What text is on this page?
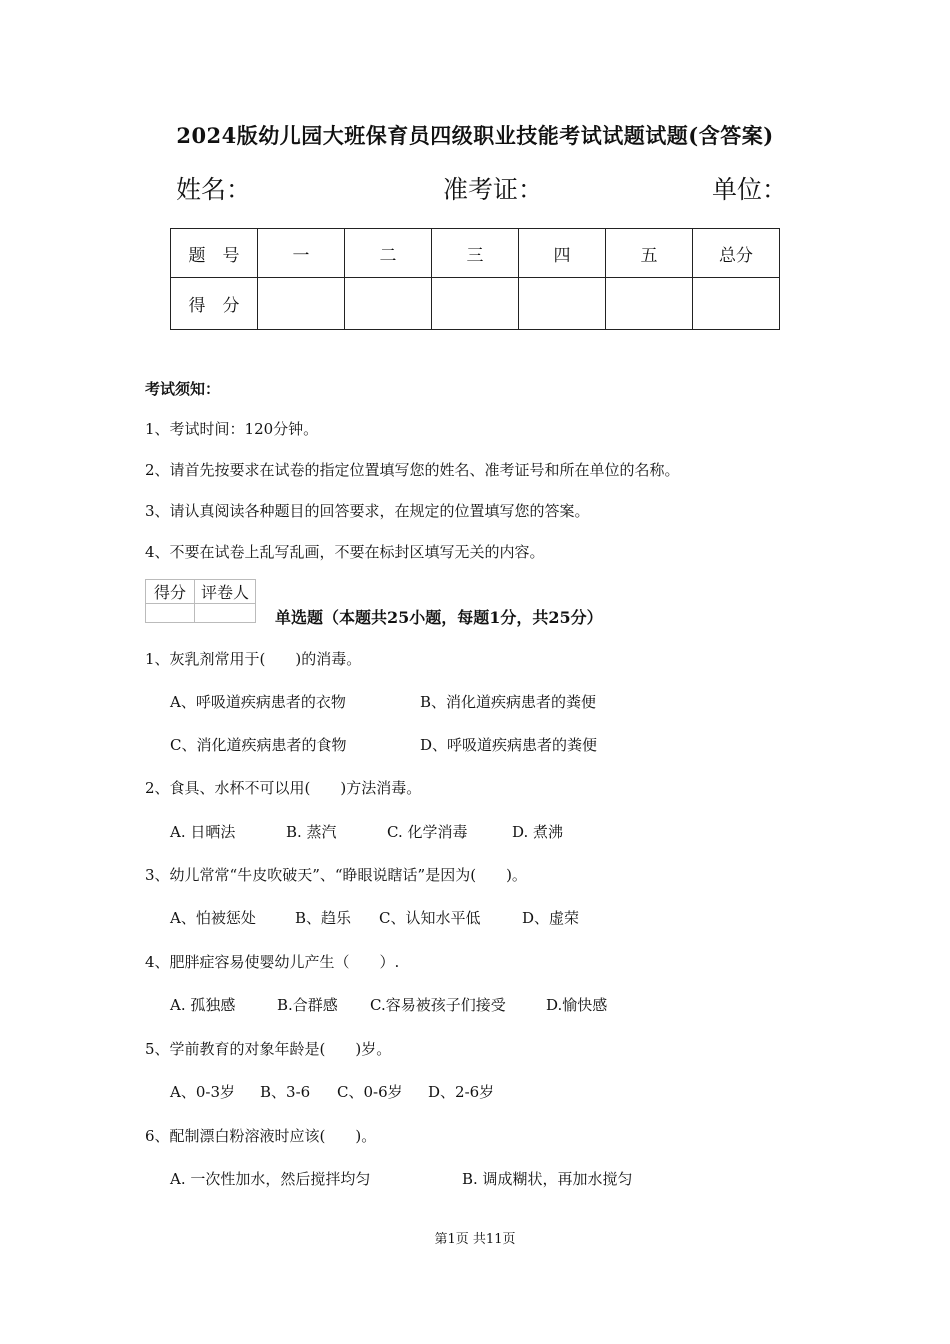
2024版幼儿园大班保育员四级职业技能考试试题试题(含答案)
姓名：	准考证：	单位：
题　号	一	二	三	四	五	总分
得　分						
考试须知：
1、考试时间：120分钟。
2、请首先按要求在试卷的指定位置填写您的姓名、准考证号和所在单位的名称。
3、请认真阅读各种题目的回答要求，在规定的位置填写您的答案。
4、不要在试卷上乱写乱画，不要在标封区填写无关的内容。
得分	评卷人

单选题（本题共25小题，每题1分，共25分）
1、灰乳剂常用于(　　)的消毒。
A、呼吸道疾病患者的衣物	B、消化道疾病患者的粪便
C、消化道疾病患者的食物	D、呼吸道疾病患者的粪便
2、食具、水杯不可以用(　　)方法消毒。
A. 日晒法	B. 蒸汽	C. 化学消毒	D. 煮沸
3、幼儿常常“牛皮吹破天”、“睁眼说瞎话”是因为(　　)。
A、怕被惩处	B、趋乐 C、认知水平低	D、虚荣
4、肥胖症容易使婴幼儿产生（　　）.
A. 孤独感	B.合群感 C.容易被孩子们接受	D.愉快感
5、学前教育的对象年龄是(　　)岁。
A、0-3岁 B、3-6 C、0-6岁 D、2-6岁
6、配制漂白粉溶液时应该(　　)。
A. 一次性加水，然后搅拌均匀	B. 调成糊状，再加水搅匀
第1页 共11页
